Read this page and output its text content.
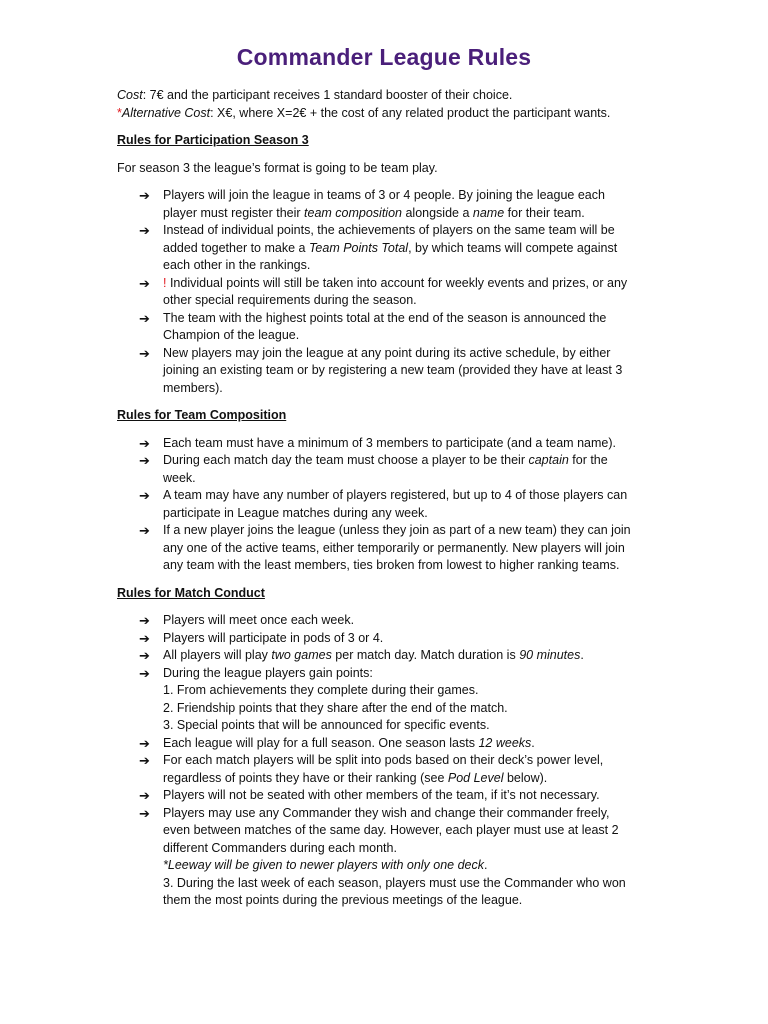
Commander League Rules

Cost: 7€ and the participant receives 1 standard booster of their choice.

*Alternative Cost: X€, where X=2€ + the cost of any related product the participant wants.

Rules for Participation Season 3

For season 3 the league’s format is going to be team play.

➔ Players will join the league in teams of 3 or 4 people. By joining the league each
player must register their team composition alongside a name for their team.
➔ Instead of individual points, the achievements of players on the same team will be
added together to make a Team Points Total, by which teams will compete against
each other in the rankings.
➔ ! Individual points will still be taken into account for weekly events and prizes, or any
other special requirements during the season.
➔ The team with the highest points total at the end of the season is announced the
Champion of the league.
➔ New players may join the league at any point during its active schedule, by either
joining an existing team or by registering a new team (provided they have at least 3
members).

Rules for Team Composition

➔ Each team must have a minimum of 3 members to participate (and a team name).
➔ During each match day the team must choose a player to be their captain for the
week.
➔ A team may have any number of players registered, but up to 4 of those players can
participate in League matches during any week.
➔ If a new player joins the league (unless they join as part of a new team) they can join
any one of the active teams, either temporarily or permanently. New players will join
any team with the least members, ties broken from lowest to higher ranking teams.

Rules for Match Conduct

➔ Players will meet once each week.
➔ Players will participate in pods of 3 or 4.
➔ All players will play two games per match day. Match duration is 90 minutes.
➔ During the league players gain points:
1. From achievements they complete during their games.
2. Friendship points that they share after the end of the match.
3. Special points that will be announced for specific events.
➔ Each league will play for a full season. One season lasts 12 weeks.
➔ For each match players will be split into pods based on their deck’s power level,
regardless of points they have or their ranking (see Pod Level below).
➔ Players will not be seated with other members of the team, if it’s not necessary.
➔ Players may use any Commander they wish and change their commander freely,
even between matches of the same day. However, each player must use at least 2
different Commanders during each month.
*Leeway will be given to newer players with only one deck.
3. During the last week of each season, players must use the Commander who won
them the most points during the previous meetings of the league.
